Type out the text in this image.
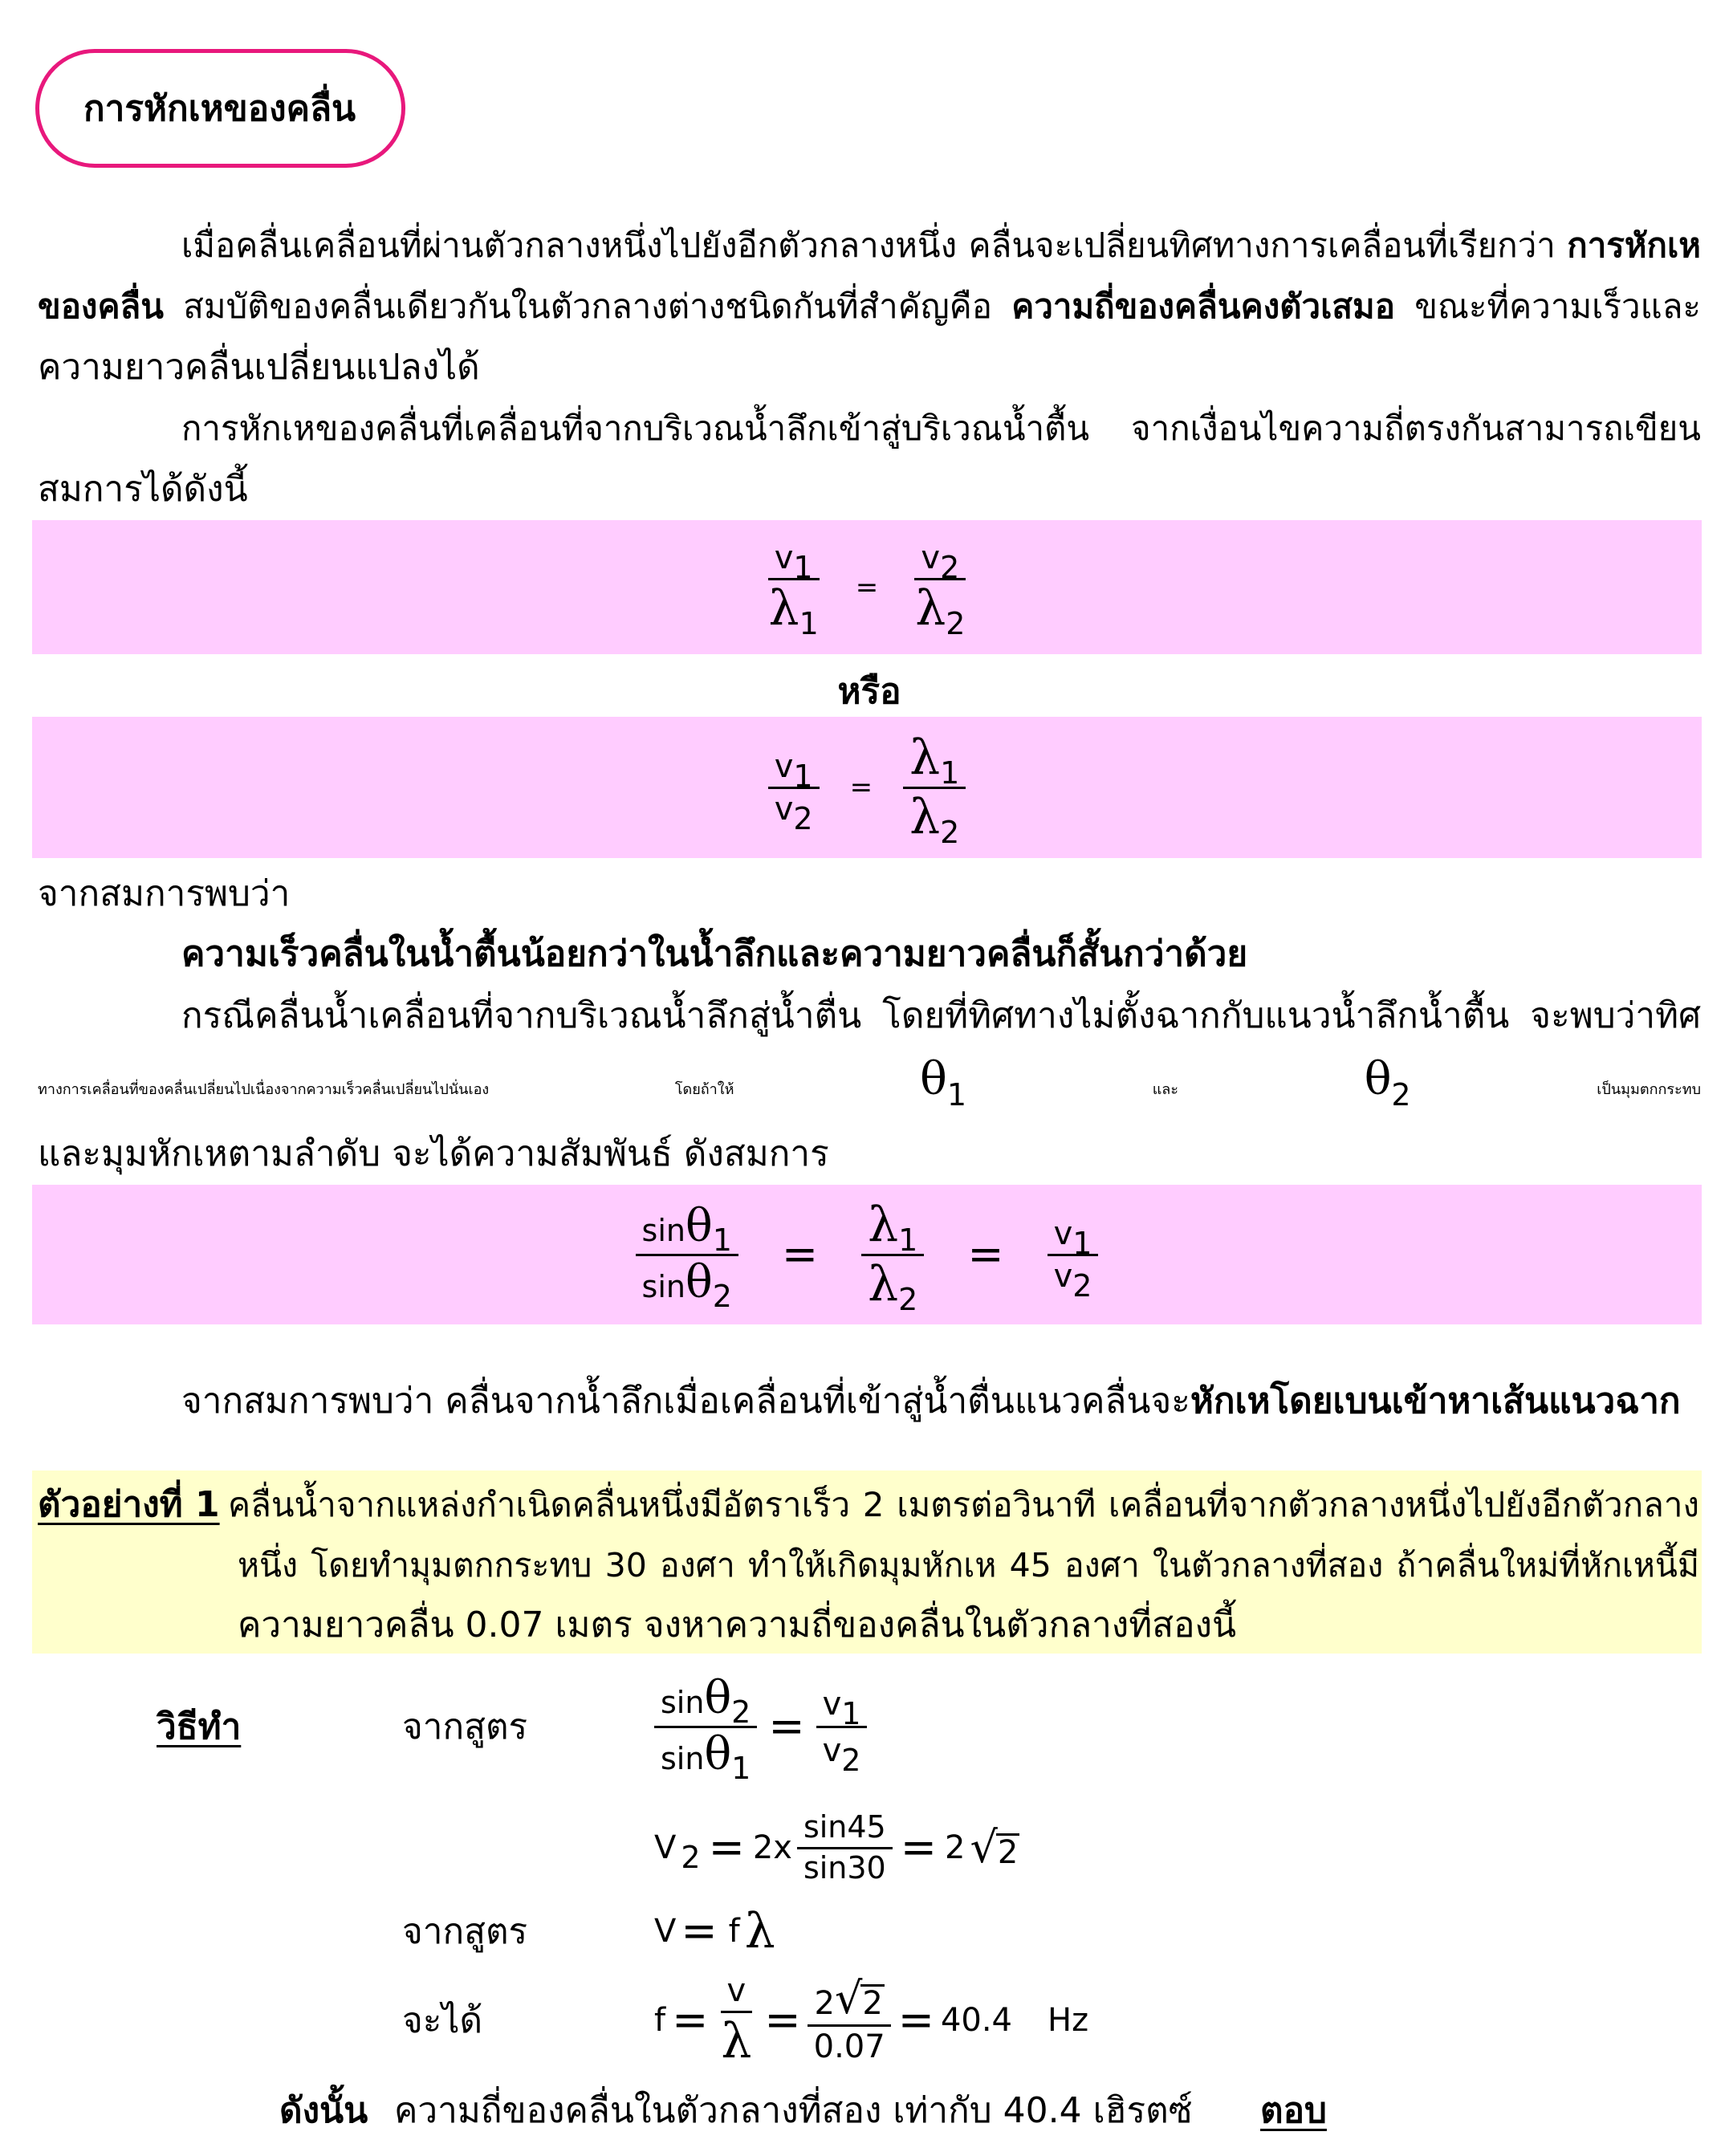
การหักเหของคลื่น
เมื่อคลื่นเคลื่อนที่ผ่านตัวกลางหนึ่งไปยังอีกตัวกลางหนึ่ง คลื่นจะเปลี่ยนทิศทางการเคลื่อนที่เรียกว่า การหักเห
ของคลื่น สมบัติของคลื่นเดียวกันในตัวกลางต่างชนิดกันที่สำคัญคือ ความถี่ของคลื่นคงตัวเสมอ ขณะที่ความเร็วและ
ความยาวคลื่นเปลี่ยนแปลงได้
การหักเหของคลื่นที่เคลื่อนที่จากบริเวณน้ำลึกเข้าสู่บริเวณน้ำตื้น จากเงื่อนไขความถี่ตรงกันสามารถเขียน
สมการได้ดังนี้
$\frac{v1}{\lambda 1} = \frac{v2}{\lambda 2}$
หรือ
$\frac{v1}{v2} = \frac{\lambda 1}{\lambda 2}$
จากสมการพบว่า
ความเร็วคลื่นในน้ำตื้นน้อยกว่าในน้ำลึกและความยาวคลื่นก็สั้นกว่าด้วย
กรณีคลื่นน้ำเคลื่อนที่จากบริเวณน้ำลึกสู่น้ำตื่น โดยที่ทิศทางไม่ตั้งฉากกับแนวน้ำลึกน้ำตื้น จะพบว่าทิศ
ทางการเคลื่อนที่ของคลื่นเปลี่ยนไปเนื่องจากความเร็วคลื่นเปลี่ยนไปนั่นเอง โดยถ้าให้ θ1 และ θ2 เป็นมุมตกกระทบ
และมุมหักเหตามลำดับ จะได้ความสัมพันธ์ ดังสมการ
$\frac{\sin\theta 1}{\sin\theta 2} = \frac{\lambda 1}{\lambda 2} = \frac{v1}{v2}$
จากสมการพบว่า คลื่นจากน้ำลึกเมื่อเคลื่อนที่เข้าสู่น้ำตื่นแนวคลื่นจะหักเหโดยเบนเข้าหาเส้นแนวฉาก
ตัวอย่างที่ 1 คลื่นน้ำจากแหล่งกำเนิดคลื่นหนึ่งมีอัตราเร็ว 2 เมตรต่อวินาที เคลื่อนที่จากตัวกลางหนึ่งไปยังอีกตัวกลาง
หนึ่ง โดยทำมุมตกกระทบ 30 องศา ทำให้เกิดมุมหักเห 45 องศา ในตัวกลางที่สอง ถ้าคลื่นใหม่ที่หักเหนี้มี
ความยาวคลื่น 0.07 เมตร จงหาความถี่ของคลื่นในตัวกลางที่สองนี้
วิธีทำ	จากสูตร	$\frac{\sin\theta 2}{\sin\theta 1} = \frac{v1}{v2}$
V $2 = 2x \frac{\sin 45}{\sin 30} = 2$ √ 2
จากสูตร	V = f λ
จะได้	$f = \frac{v}{\lambda} = \frac{2 √ 2}{0.07} = 40.4$ Hz
ดังนั้น ความถี่ของคลื่นในตัวกลางที่สอง เท่ากับ 40.4 เฮิรตซ์ ตอบ
